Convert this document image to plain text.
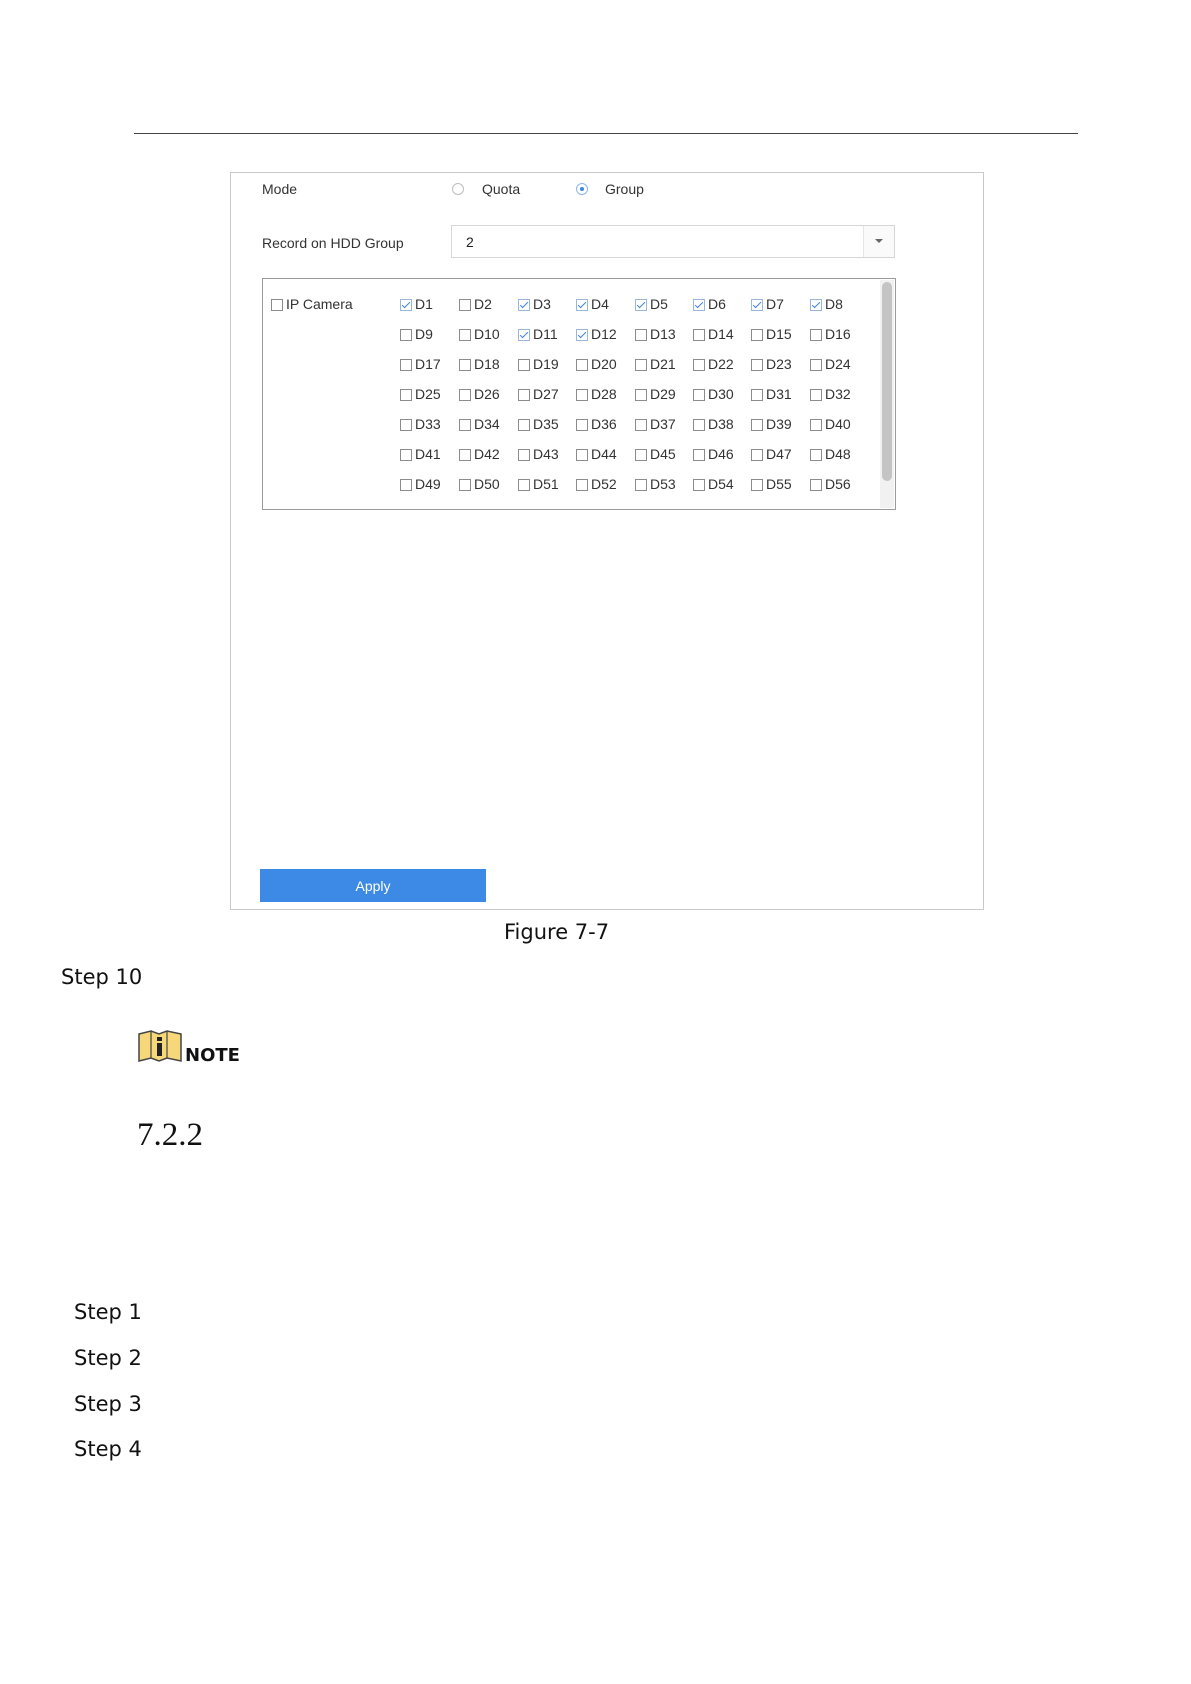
Mode	Quota	Group
Record on HDD Group	2
IP Camera	D1	D2	D3	D4	D5	D6	D7	D8
D9	D10 D11 D12 D13 D14 D15 D16
D17 D18 D19 D20 D21 D22 D23 D24
D25 D26 D27 D28 D29 D30 D31 D32
D33 D34 D35 D36 D37 D38 D39 D40
D41 D42 D43 D44 D45 D46 D47 D48
D49 D50 D51 D52 D53 D54 D55 D56
Apply
Figure 7-7
Step 10
NOTE
7.2.2
Step 1
Step 2
Step 3
Step 4
